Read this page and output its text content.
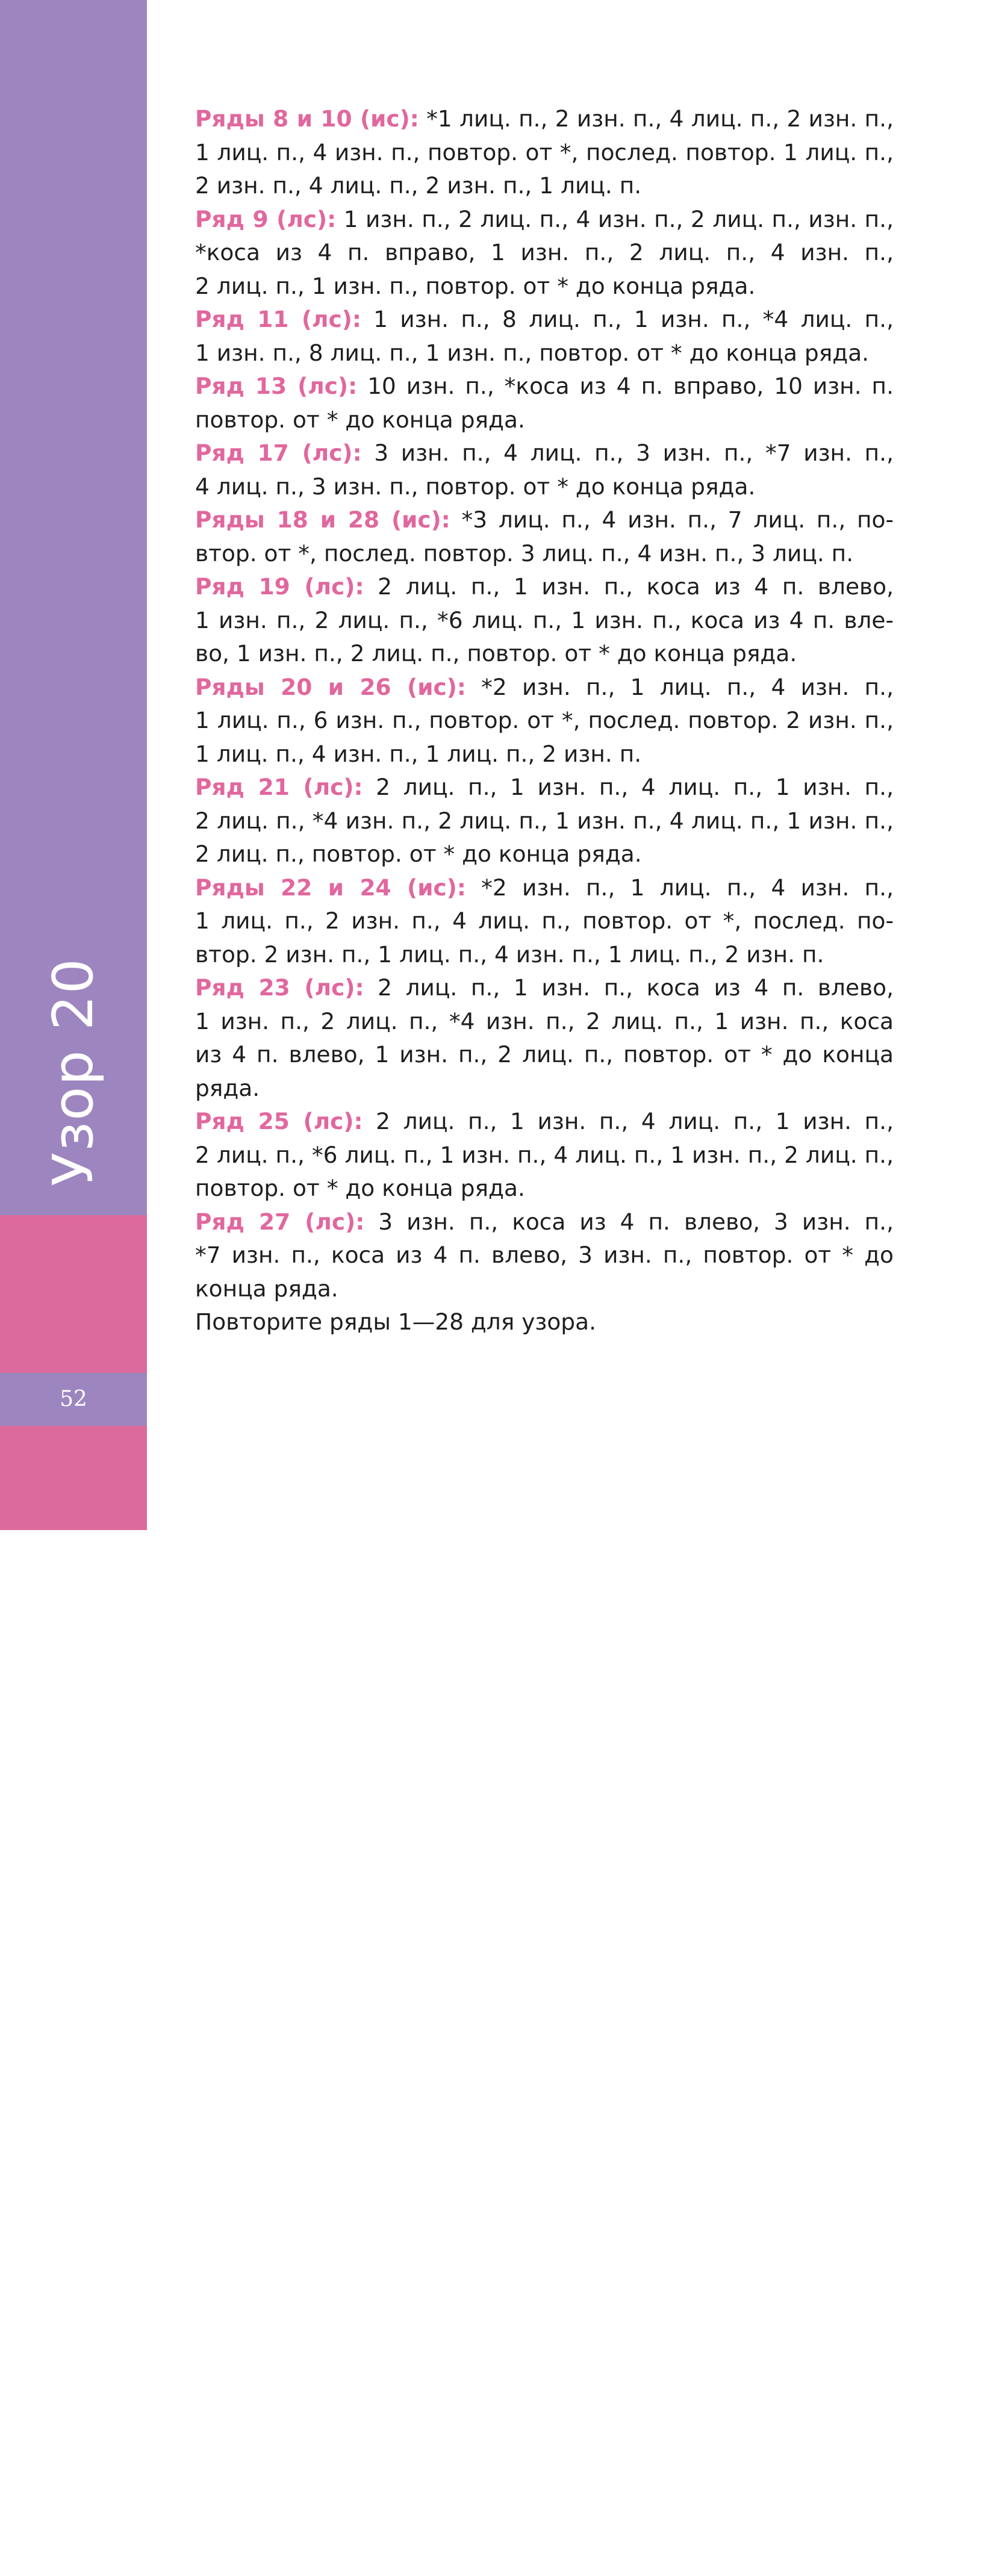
Узор 20
52
Ряды 8 и 10 (ис): *1 лиц. п., 2 изн. п., 4 лиц. п., 2 изн. п.,
1 лиц. п., 4 изн. п., повтор. от *, послед. повтор. 1 лиц. п.,
2 изн. п., 4 лиц. п., 2 изн. п., 1 лиц. п.
Ряд 9 (лс): 1 изн. п., 2 лиц. п., 4 изн. п., 2 лиц. п., изн. п.,
*коса из 4 п. вправо, 1 изн. п., 2 лиц. п., 4 изн. п.,
2 лиц. п., 1 изн. п., повтор. от * до конца ряда.
Ряд 11 (лс): 1 изн. п., 8 лиц. п., 1 изн. п., *4 лиц. п.,
1 изн. п., 8 лиц. п., 1 изн. п., повтор. от * до конца ряда.
Ряд 13 (лс): 10 изн. п., *коса из 4 п. вправо, 10 изн. п.
повтор. от * до конца ряда.
Ряд 17 (лс): 3 изн. п., 4 лиц. п., 3 изн. п., *7 изн. п.,
4 лиц. п., 3 изн. п., повтор. от * до конца ряда.
Ряды 18 и 28 (ис): *3 лиц. п., 4 изн. п., 7 лиц. п., по-
втор. от *, послед. повтор. 3 лиц. п., 4 изн. п., 3 лиц. п.
Ряд 19 (лс): 2 лиц. п., 1 изн. п., коса из 4 п. влево,
1 изн. п., 2 лиц. п., *6 лиц. п., 1 изн. п., коса из 4 п. вле-
во, 1 изн. п., 2 лиц. п., повтор. от * до конца ряда.
Ряды 20 и 26 (ис): *2 изн. п., 1 лиц. п., 4 изн. п.,
1 лиц. п., 6 изн. п., повтор. от *, послед. повтор. 2 изн. п.,
1 лиц. п., 4 изн. п., 1 лиц. п., 2 изн. п.
Ряд 21 (лс): 2 лиц. п., 1 изн. п., 4 лиц. п., 1 изн. п.,
2 лиц. п., *4 изн. п., 2 лиц. п., 1 изн. п., 4 лиц. п., 1 изн. п.,
2 лиц. п., повтор. от * до конца ряда.
Ряды 22 и 24 (ис): *2 изн. п., 1 лиц. п., 4 изн. п.,
1 лиц. п., 2 изн. п., 4 лиц. п., повтор. от *, послед. по-
втор. 2 изн. п., 1 лиц. п., 4 изн. п., 1 лиц. п., 2 изн. п.
Ряд 23 (лс): 2 лиц. п., 1 изн. п., коса из 4 п. влево,
1 изн. п., 2 лиц. п., *4 изн. п., 2 лиц. п., 1 изн. п., коса
из 4 п. влево, 1 изн. п., 2 лиц. п., повтор. от * до конца
ряда.
Ряд 25 (лс): 2 лиц. п., 1 изн. п., 4 лиц. п., 1 изн. п.,
2 лиц. п., *6 лиц. п., 1 изн. п., 4 лиц. п., 1 изн. п., 2 лиц. п.,
повтор. от * до конца ряда.
Ряд 27 (лс): 3 изн. п., коса из 4 п. влево, 3 изн. п.,
*7 изн. п., коса из 4 п. влево, 3 изн. п., повтор. от * до
конца ряда.
Повторите ряды 1—28 для узора.
